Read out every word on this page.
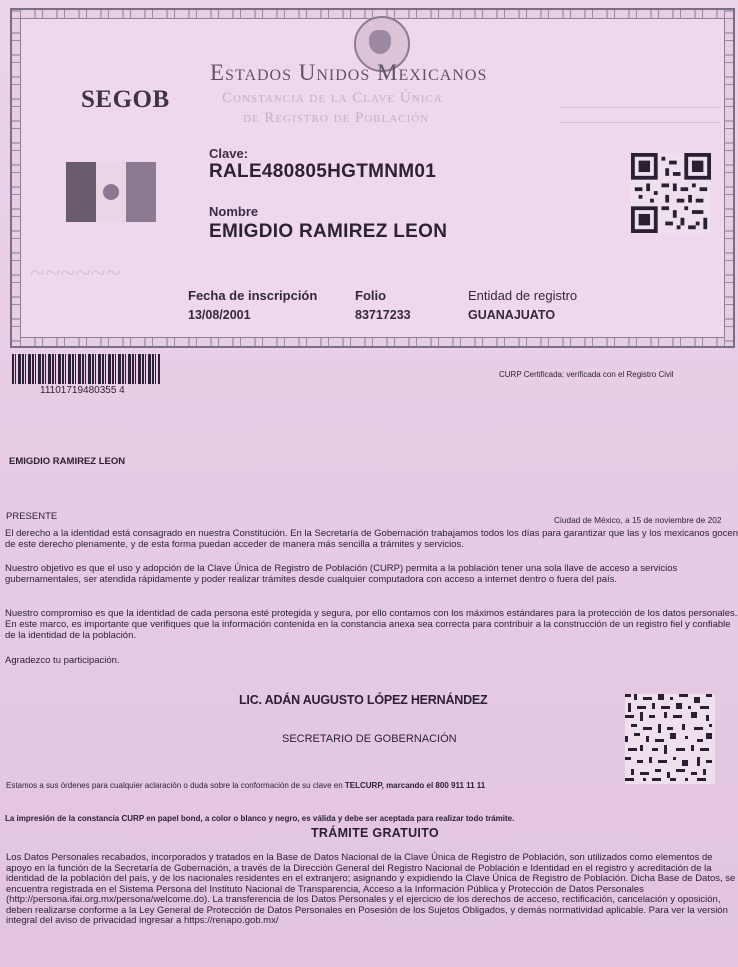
SEGOB
Estados Unidos Mexicanos
Constancia de la Clave Única
de Registro de Población
Clave:
RALE480805HGTMNM01
Nombre
EMIGDIO RAMIREZ LEON
~~~~~~
Fecha de inscripción
13/08/2001
Folio
83717233
Entidad de registro
GUANAJUATO
11101719480355 4
CURP Certificada: verificada con el Registro Civil
EMIGDIO RAMIREZ LEON
PRESENTE	Ciudad de México, a 15 de noviembre de 202
El derecho a la identidad está consagrado en nuestra Constitución. En la Secretaría de Gobernación trabajamos todos los días para garantizar que las y los mexicanos gocen de este derecho plenamente, y de esta forma puedan acceder de manera más sencilla a trámites y servicios.
Nuestro objetivo es que el uso y adopción de la Clave Única de Registro de Población (CURP) permita a la población tener una sola llave de acceso a servicios gubernamentales, ser atendida rápidamente y poder realizar trámites desde cualquier computadora con acceso a internet dentro o fuera del país.
Nuestro compromiso es que la identidad de cada persona esté protegida y segura, por ello contamos con los máximos estándares para la protección de los datos personales. En este marco, es importante que verifiques que la información contenida en la constancia anexa sea correcta para contribuir a la construcción de un registro fiel y confiable de la identidad de la población.
Agradezco tu participación.
LIC. ADÁN AUGUSTO LÓPEZ HERNÁNDEZ
SECRETARIO DE GOBERNACIÓN
Estamos a sus órdenes para cualquier aclaración o duda sobre la conformación de su clave en TELCURP, marcando el 800 911 11 11
La impresión de la constancia CURP en papel bond, a color o blanco y negro, es válida y debe ser aceptada para realizar todo trámite.
TRÁMITE GRATUITO
Los Datos Personales recabados, incorporados y tratados en la Base de Datos Nacional de la Clave Única de Registro de Población, son utilizados como elementos de apoyo en la función de la Secretaría de Gobernación, a través de la Dirección General del Registro Nacional de Población e Identidad en el registro y acreditación de la identidad de la población del país, y de los nacionales residentes en el extranjero; asignando y expidiendo la Clave Única de Registro de Población. Dicha Base de Datos, se encuentra registrada en el Sistema Persona del Instituto Nacional de Transparencia, Acceso a la Información Pública y Protección de Datos Personales (http://persona.ifai.org.mx/persona/welcome.do). La transferencia de los Datos Personales y el ejercicio de los derechos de acceso, rectificación, cancelación y oposición, deben realizarse conforme a la Ley General de Protección de Datos Personales en Posesión de los Sujetos Obligados, y demás normatividad aplicable. Para ver la versión integral del aviso de privacidad ingresar a https://renapo.gob.mx/
